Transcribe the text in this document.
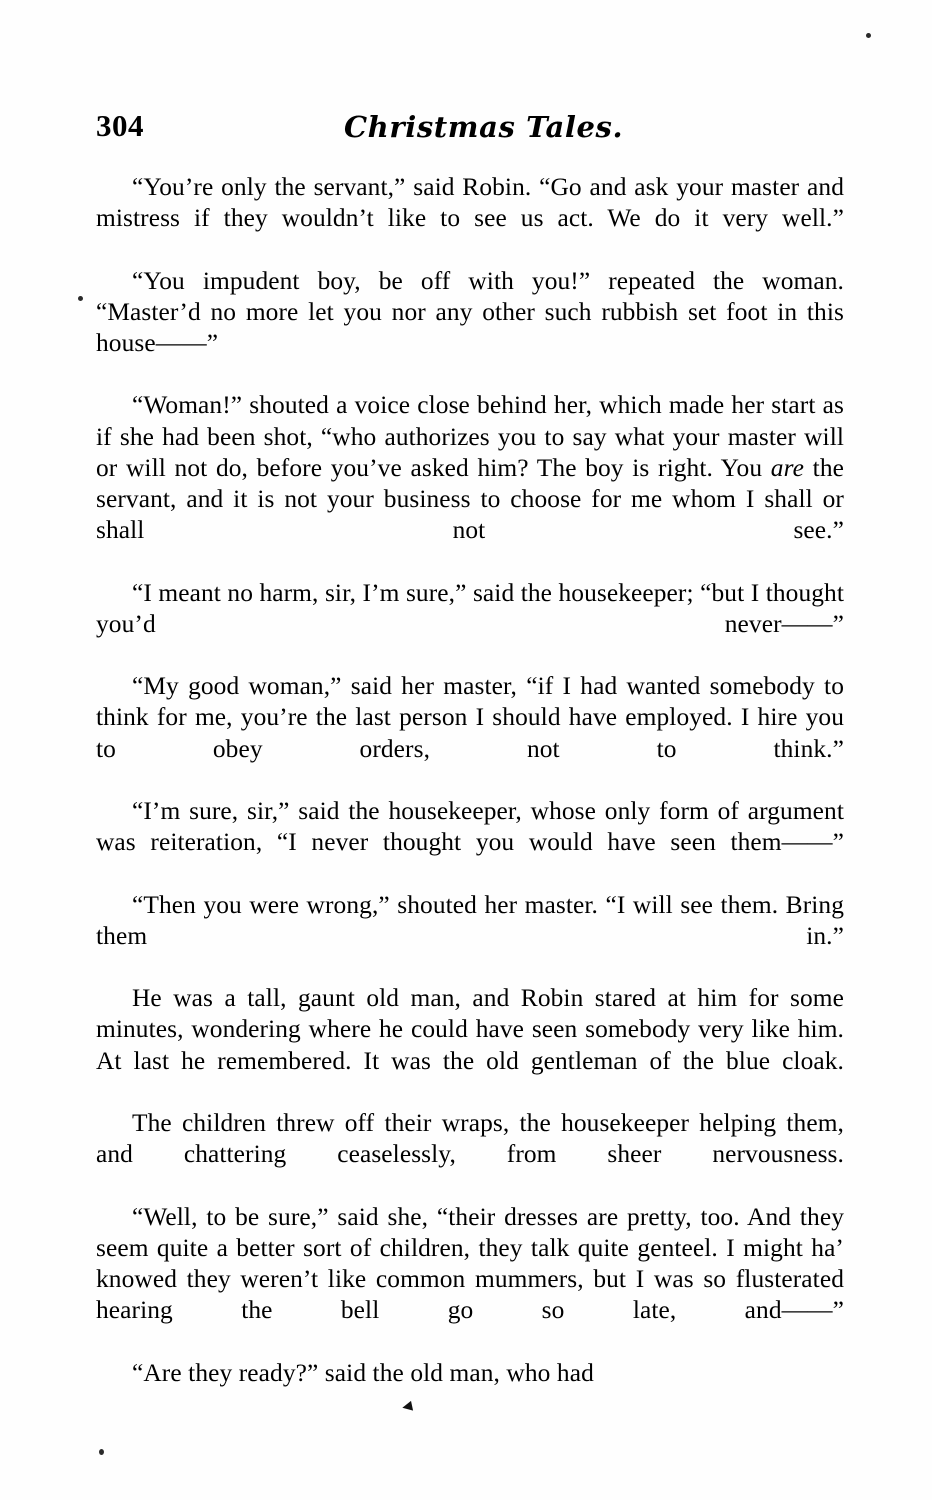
304	Christmas Tales.

“You’re only the servant,” said Robin. “Go and ask your master and mistress if they wouldn’t like to see us act. We do it very well.”

“You impudent boy, be off with you!” repeated the woman. “Master’d no more let you nor any other such rubbish set foot in this house——”

“Woman!” shouted a voice close behind her, which made her start as if she had been shot, “who authorizes you to say what your master will or will not do, before you’ve asked him? The boy is right. You are the servant, and it is not your business to choose for me whom I shall or shall not see.”

“I meant no harm, sir, I’m sure,” said the housekeeper; “but I thought you’d never——”

“My good woman,” said her master, “if I had wanted somebody to think for me, you’re the last person I should have employed. I hire you to obey orders, not to think.”

“I’m sure, sir,” said the housekeeper, whose only form of argument was reiteration, “I never thought you would have seen them——”

“Then you were wrong,” shouted her master. “I will see them. Bring them in.”

He was a tall, gaunt old man, and Robin stared at him for some minutes, wondering where he could have seen somebody very like him. At last he remembered. It was the old gentleman of the blue cloak.

The children threw off their wraps, the housekeeper helping them, and chattering ceaselessly, from sheer nervousness.

“Well, to be sure,” said she, “their dresses are pretty, too. And they seem quite a better sort of children, they talk quite genteel. I might ha’ knowed they weren’t like common mummers, but I was so flusterated hearing the bell go so late, and——”

“Are they ready?” said the old man, who had

◂
